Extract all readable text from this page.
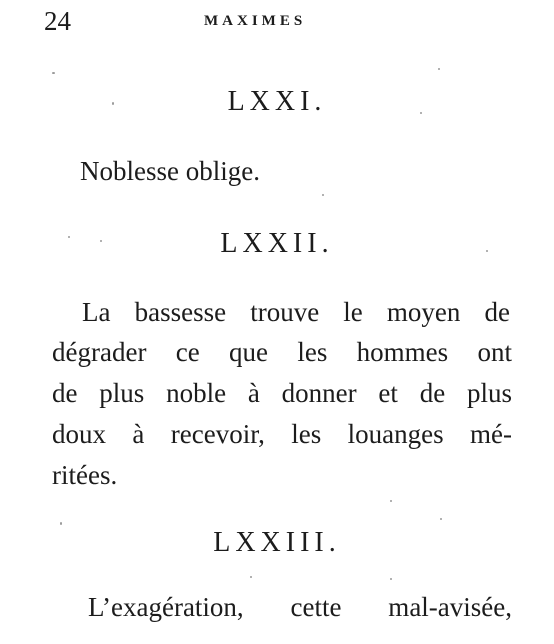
24	MAXIMES
LXXI.
Noblesse oblige.
LXXII.
La bassesse trouve le moyen de
dégrader ce que les hommes ont
de plus noble à donner et de plus
doux à recevoir, les louanges mé-
ritées.
LXXIII.
L’exagération, cette mal-avisée,
